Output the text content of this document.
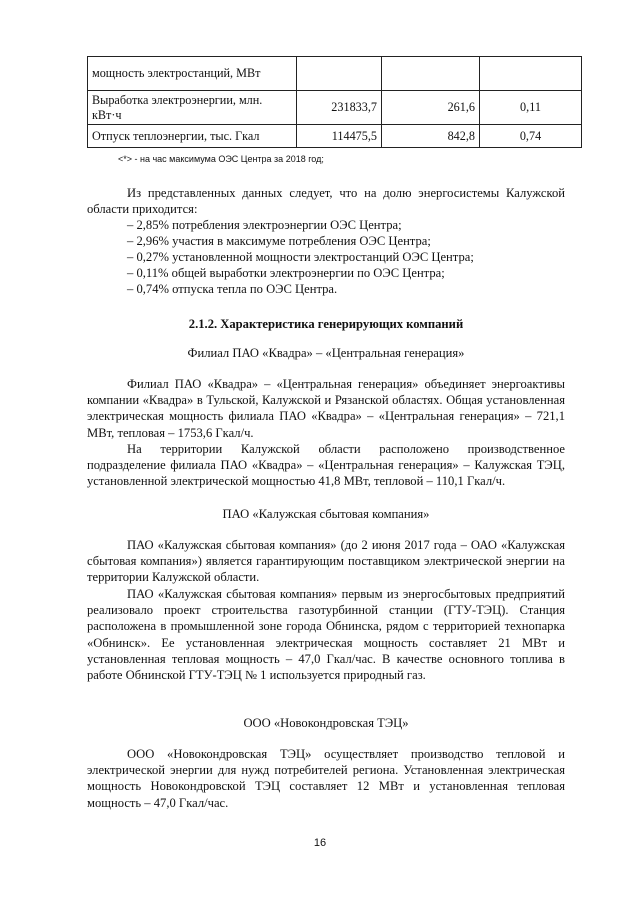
мощность электростанций, МВт			
Выработка электроэнергии, млн. кВт·ч	231833,7	261,6	0,11
Отпуск теплоэнергии, тыс. Гкал	114475,5	842,8	0,74
<*> - на час максимума ОЭС Центра за 2018 год;

Из представленных данных следует, что на долю энергосистемы Калужской области приходится:

– 2,85% потребления электроэнергии ОЭС Центра;

– 2,96% участия в максимуме потребления ОЭС Центра;

– 0,27% установленной мощности электростанций ОЭС Центра;

– 0,11% общей выработки электроэнергии по ОЭС Центра;

– 0,74% отпуска тепла по ОЭС Центра.

2.1.2. Характеристика генерирующих компаний

Филиал ПАО «Квадра» – «Центральная генерация»

Филиал ПАО «Квадра» – «Центральная генерация» объединяет энергоактивы компании «Квадра» в Тульской, Калужской и Рязанской областях. Общая установленная электрическая мощность филиала ПАО «Квадра» – «Центральная генерация» – 721,1 МВт, тепловая – 1753,6 Гкал/ч.

На территории Калужской области расположено производственное подразделение филиала ПАО «Квадра» – «Центральная генерация» – Калужская ТЭЦ, установленной электрической мощностью 41,8 МВт, тепловой – 110,1 Гкал/ч.

ПАО «Калужская сбытовая компания»

ПАО «Калужская сбытовая компания» (до 2 июня 2017 года – ОАО «Калужская сбытовая компания») является гарантирующим поставщиком электрической энергии на территории Калужской области.

ПАО «Калужская сбытовая компания» первым из энергосбытовых предприятий реализовало проект строительства газотурбинной станции (ГТУ-ТЭЦ). Станция расположена в промышленной зоне города Обнинска, рядом с территорией технопарка «Обнинск». Ее установленная электрическая мощность составляет 21 МВт и установленная тепловая мощность – 47,0 Гкал/час. В качестве основного топлива в работе Обнинской ГТУ-ТЭЦ № 1 используется природный газ.

ООО «Новокондровская ТЭЦ»

ООО «Новокондровская ТЭЦ» осуществляет производство тепловой и электрической энергии для нужд потребителей региона. Установленная электрическая мощность Новокондровской ТЭЦ составляет 12 МВт и установленная тепловая мощность – 47,0 Гкал/час.

16
